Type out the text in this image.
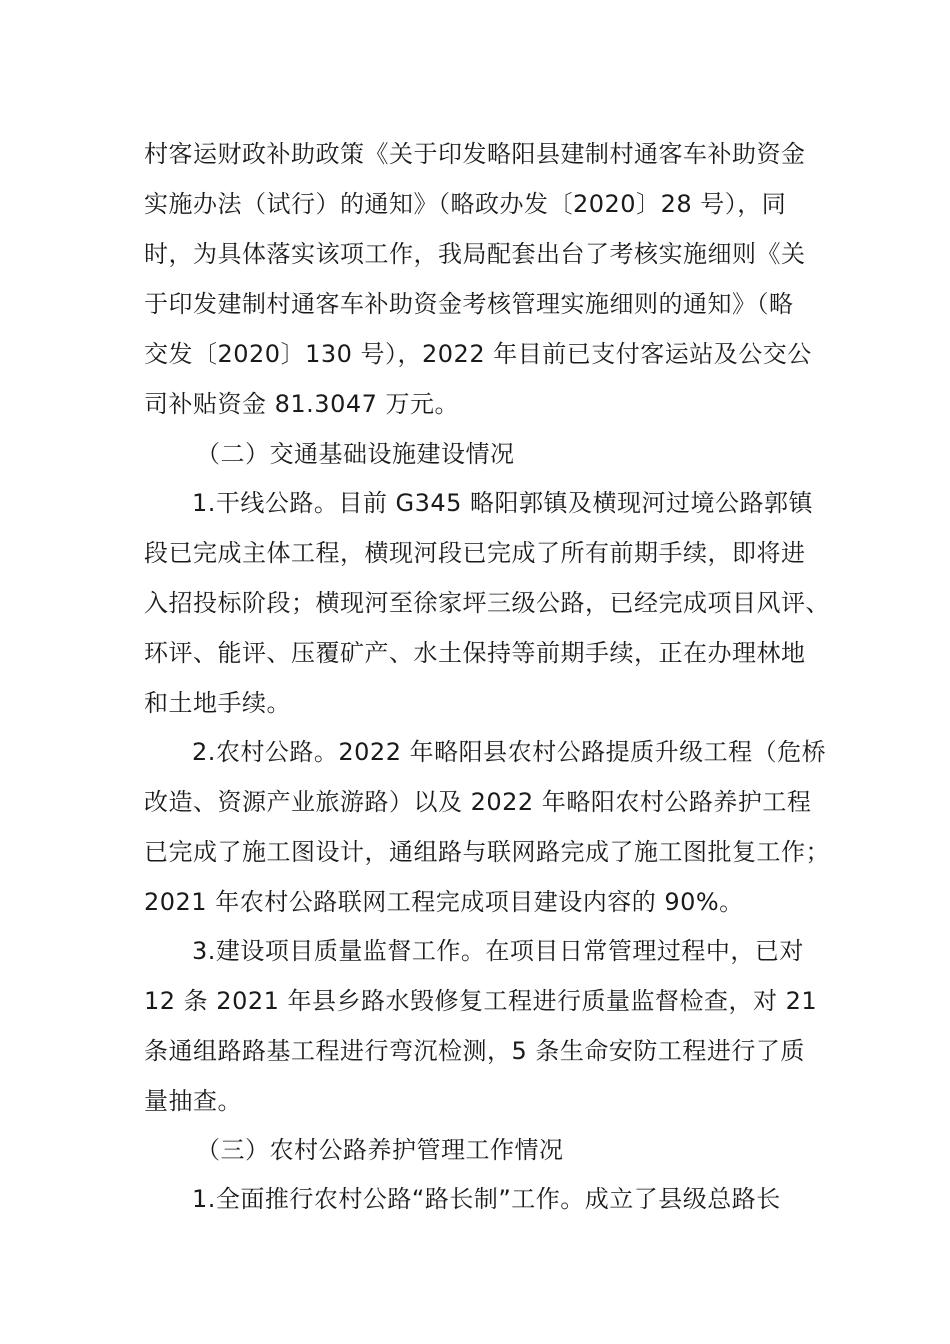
村客运财政补助政策《关于印发略阳县建制村通客车补助资金
实施办法（试行）的通知》（略政办发〔2020〕28 号），同
时，为具体落实该项工作，我局配套出台了考核实施细则《关
于印发建制村通客车补助资金考核管理实施细则的通知》（略
交发〔2020〕130 号），2022 年目前已支付客运站及公交公
司补贴资金 81.3047 万元。
（二）交通基础设施建设情况
1.干线公路。目前 G345 略阳郭镇及横现河过境公路郭镇
段已完成主体工程，横现河段已完成了所有前期手续，即将进
入招投标阶段；横现河至徐家坪三级公路，已经完成项目风评、
环评、能评、压覆矿产、水土保持等前期手续，正在办理林地
和土地手续。
2.农村公路。2022 年略阳县农村公路提质升级工程（危桥
改造、资源产业旅游路）以及 2022 年略阳农村公路养护工程
已完成了施工图设计，通组路与联网路完成了施工图批复工作；
2021 年农村公路联网工程完成项目建设内容的 90%。
3.建设项目质量监督工作。在项目日常管理过程中，已对
12 条 2021 年县乡路水毁修复工程进行质量监督检查，对 21
条通组路路基工程进行弯沉检测，5 条生命安防工程进行了质
量抽查。
（三）农村公路养护管理工作情况
1.全面推行农村公路“路长制”工作。成立了县级总路长
